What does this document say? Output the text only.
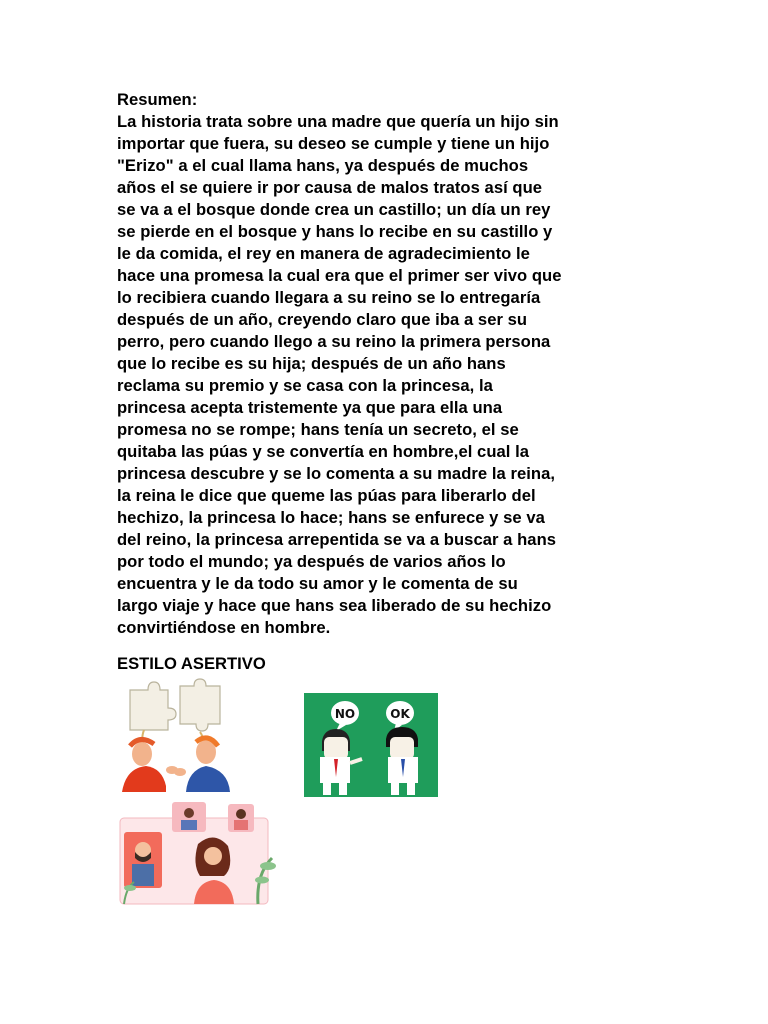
Resumen:

La historia trata sobre una madre que quería un hijo sin
importar que fuera, su deseo se cumple y tiene un hijo
"Erizo" a el cual llama hans, ya después de muchos
años el se quiere ir por causa de malos tratos así que
se va a el bosque donde crea un castillo; un día un rey
se pierde en el bosque y hans lo recibe en su castillo y
le da comida, el rey en manera de agradecimiento le
hace una promesa la cual era que el primer ser vivo que
lo recibiera cuando llegara a su reino se lo entregaría
después de un año, creyendo claro que iba a ser su
perro, pero cuando llego a su reino la primera persona
que lo recibe es su hija; después de un año hans
reclama su premio y se casa con la princesa, la
princesa acepta tristemente ya que para ella una
promesa no se rompe; hans tenía un secreto, el se
quitaba las púas y se convertía en hombre,el cual la
princesa descubre y se lo comenta a su madre la reina,
la reina le dice que queme las púas para liberarlo del
hechizo, la princesa lo hace; hans se enfurece y se va
del reino, la princesa arrepentida se va a buscar a hans
por todo el mundo; ya después de varios años lo
encuentra y le da todo su amor y le comenta de su
largo viaje y hace que hans sea liberado de su hechizo
convirtiéndose en hombre.

ESTILO ASERTIVO
NO	OK
